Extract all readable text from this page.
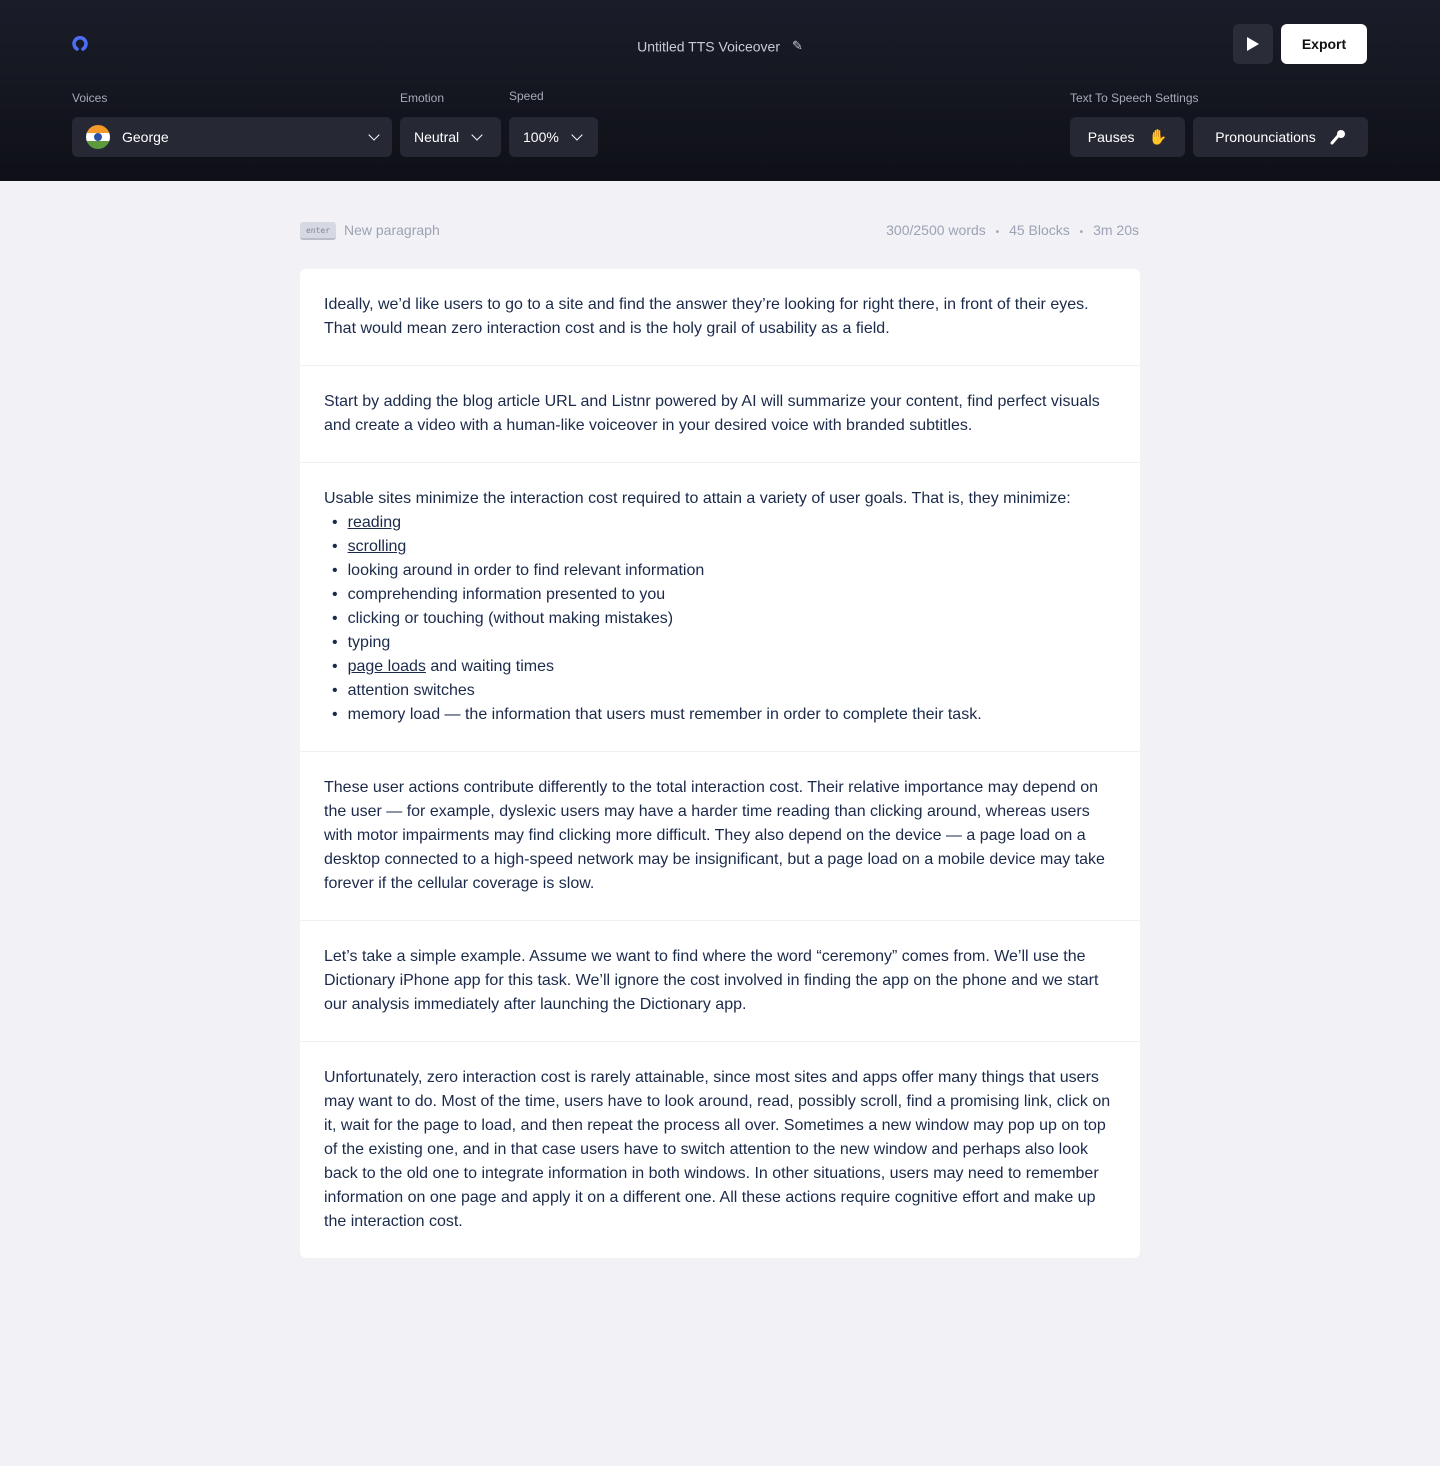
Untitled TTS Voiceover ✎	Export
Voices
George
Emotion
Neutral
Speed
100%
Text To Speech Settings
Pauses ✋	Pronounciations
enter New paragraph	300/2500 words • 45 Blocks • 3m 20s
Ideally, we’d like users to go to a site and find the answer they’re looking for right there, in front of their eyes. That would mean zero interaction cost and is the holy grail of usability as a field.
Start by adding the blog article URL and Listnr powered by AI will summarize your content, find perfect visuals and create a video with a human-like voiceover in your desired voice with branded subtitles.
Usable sites minimize the interaction cost required to attain a variety of user goals. That is, they minimize:
• reading
• scrolling
• looking around in order to find relevant information
• comprehending information presented to you
• clicking or touching (without making mistakes)
• typing
• page loads and waiting times
• attention switches
• memory load — the information that users must remember in order to complete their task.
These user actions contribute differently to the total interaction cost. Their relative importance may depend on the user — for example, dyslexic users may have a harder time reading than clicking around, whereas users with motor impairments may find clicking more difficult. They also depend on the device — a page load on a desktop connected to a high-speed network may be insignificant, but a page load on a mobile device may take forever if the cellular coverage is slow.
Let’s take a simple example. Assume we want to find where the word “ceremony” comes from. We’ll use the Dictionary iPhone app for this task. We’ll ignore the cost involved in finding the app on the phone and we start our analysis immediately after launching the Dictionary app.
Unfortunately, zero interaction cost is rarely attainable, since most sites and apps offer many things that users may want to do. Most of the time, users have to look around, read, possibly scroll, find a promising link, click on it, wait for the page to load, and then repeat the process all over. Sometimes a new window may pop up on top of the existing one, and in that case users have to switch attention to the new window and perhaps also look back to the old one to integrate information in both windows. In other situations, users may need to remember information on one page and apply it on a different one. All these actions require cognitive effort and make up the interaction cost.
